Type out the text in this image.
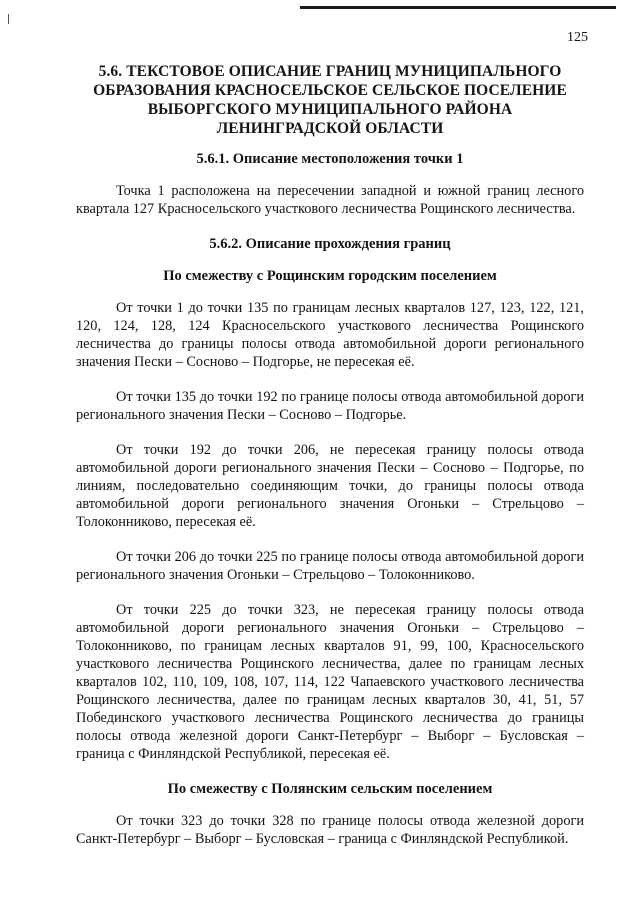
125
5.6. ТЕКСТОВОЕ ОПИСАНИЕ ГРАНИЦ МУНИЦИПАЛЬНОГО ОБРАЗОВАНИЯ КРАСНОСЕЛЬСКОЕ СЕЛЬСКОЕ ПОСЕЛЕНИЕ ВЫБОРГСКОГО МУНИЦИПАЛЬНОГО РАЙОНА ЛЕНИНГРАДСКОЙ ОБЛАСТИ
5.6.1. Описание местоположения точки 1

Точка 1 расположена на пересечении западной и южной границ лесного квартала 127 Красносельского участкового лесничества Рощинского лесничества.

5.6.2. Описание прохождения границ
По смежеству с Рощинским городским поселением

От точки 1 до точки 135 по границам лесных кварталов 127, 123, 122, 121, 120, 124, 128, 124 Красносельского участкового лесничества Рощинского лесничества до границы полосы отвода автомобильной дороги регионального значения Пески – Сосново – Подгорье, не пересекая её.

От точки 135 до точки 192 по границе полосы отвода автомобильной дороги регионального значения Пески – Сосново – Подгорье.

От точки 192 до точки 206, не пересекая границу полосы отвода автомобильной дороги регионального значения Пески – Сосново – Подгорье, по линиям, последовательно соединяющим точки, до границы полосы отвода автомобильной дороги регионального значения Огоньки – Стрельцово – Толоконниково, пересекая её.

От точки 206 до точки 225 по границе полосы отвода автомобильной дороги регионального значения Огоньки – Стрельцово – Толоконниково.

От точки 225 до точки 323, не пересекая границу полосы отвода автомобильной дороги регионального значения Огоньки – Стрельцово – Толоконниково, по границам лесных кварталов 91, 99, 100, Красносельского участкового лесничества Рощинского лесничества, далее по границам лесных кварталов 102, 110, 109, 108, 107, 114, 122 Чапаевского участкового лесничества Рощинского лесничества, далее по границам лесных кварталов 30, 41, 51, 57 Побединского участкового лесничества Рощинского лесничества до границы полосы отвода железной дороги Санкт-Петербург – Выборг – Бусловская – граница с Финляндской Республикой, пересекая её.

По смежеству с Полянским сельским поселением

От точки 323 до точки 328 по границе полосы отвода железной дороги Санкт-Петербург – Выборг – Бусловская – граница с Финляндской Республикой.
